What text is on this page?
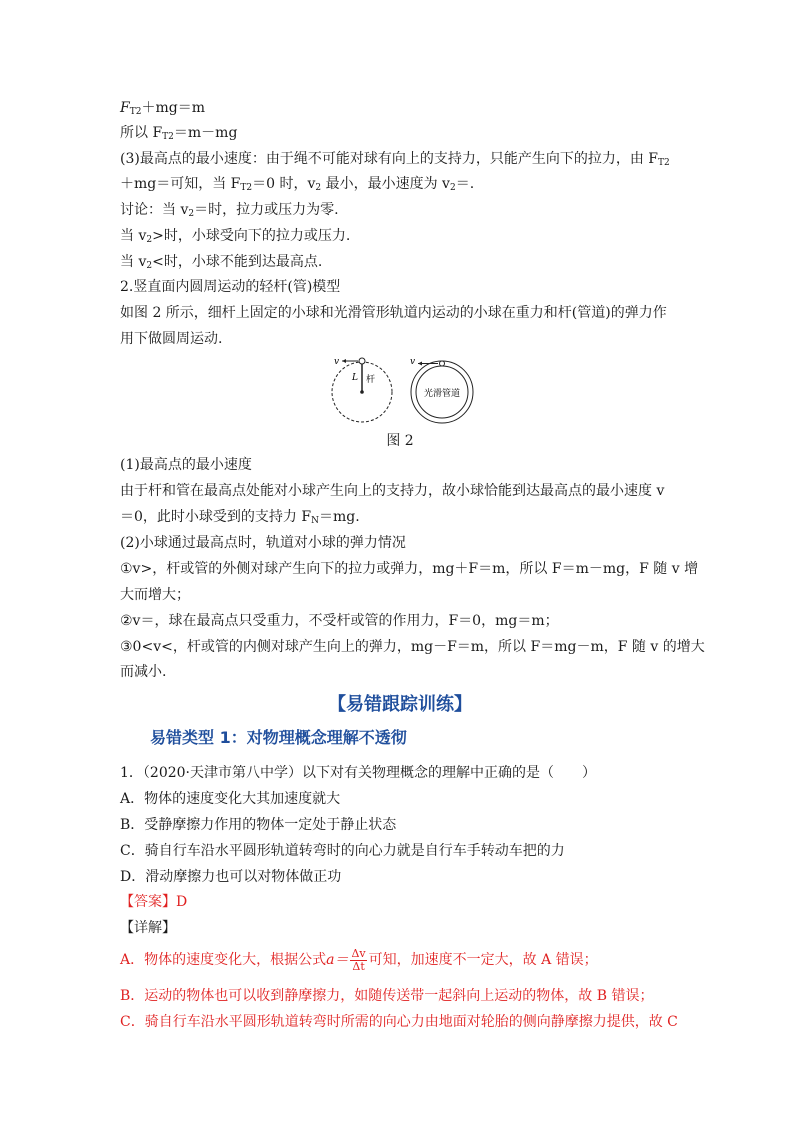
$F_{T2}+mg=m$
所以 $F_{T2}=m-mg$
(3)最高点的最小速度：由于绳不可能对球有向上的支持力，只能产生向下的拉力，由 $F_{T2}$
＋mg＝可知，当 $F_{T2}=0$ 时，$v_2$ 最小，最小速度为 $v_2=$.
讨论：当 $v_2=$时，拉力或压力为零.
当 $v_2>$时，小球受向下的拉力或压力.
当 $v_2<$时，小球不能到达最高点.
2.竖直面内圆周运动的轻杆(管)模型
如图 2 所示，细杆上固定的小球和光滑管形轨道内运动的小球在重力和杆(管道)的弹力作
用下做圆周运动.
v
L 杆
v
光滑管道
图 2
(1)最高点的最小速度
由于杆和管在最高点处能对小球产生向上的支持力，故小球恰能到达最高点的最小速度 v
＝0，此时小球受到的支持力 $F_N=mg$.
(2)小球通过最高点时，轨道对小球的弹力情况
①v>，杆或管的外侧对球产生向下的拉力或弹力，mg＋F＝m，所以 F＝m－mg，F 随 v 增
大而增大；
②v＝，球在最高点只受重力，不受杆或管的作用力，F＝0，mg＝m；
③0<v<，杆或管的内侧对球产生向上的弹力，mg－F＝m，所以 F＝mg－m，F 随 v 的增大
而减小.
【易错跟踪训练】
易错类型 1：对物理概念理解不透彻
1．（2020·天津市第八中学）以下对有关物理概念的理解中正确的是（　　）
A．物体的速度变化大其加速度就大
B．受静摩擦力作用的物体一定处于静止状态
C．骑自行车沿水平圆形轨道转弯时的向心力就是自行车手转动车把的力
D．滑动摩擦力也可以对物体做正功
【答案】D
【详解】
A．物体的速度变化大，根据公式$a= \frac{\Delta v}{\Delta t}$ 可知，加速度不一定大，故 A 错误；
B．运动的物体也可以收到静摩擦力，如随传送带一起斜向上运动的物体，故 B 错误；
C．骑自行车沿水平圆形轨道转弯时所需的向心力由地面对轮胎的侧向静摩擦力提供，故 C
